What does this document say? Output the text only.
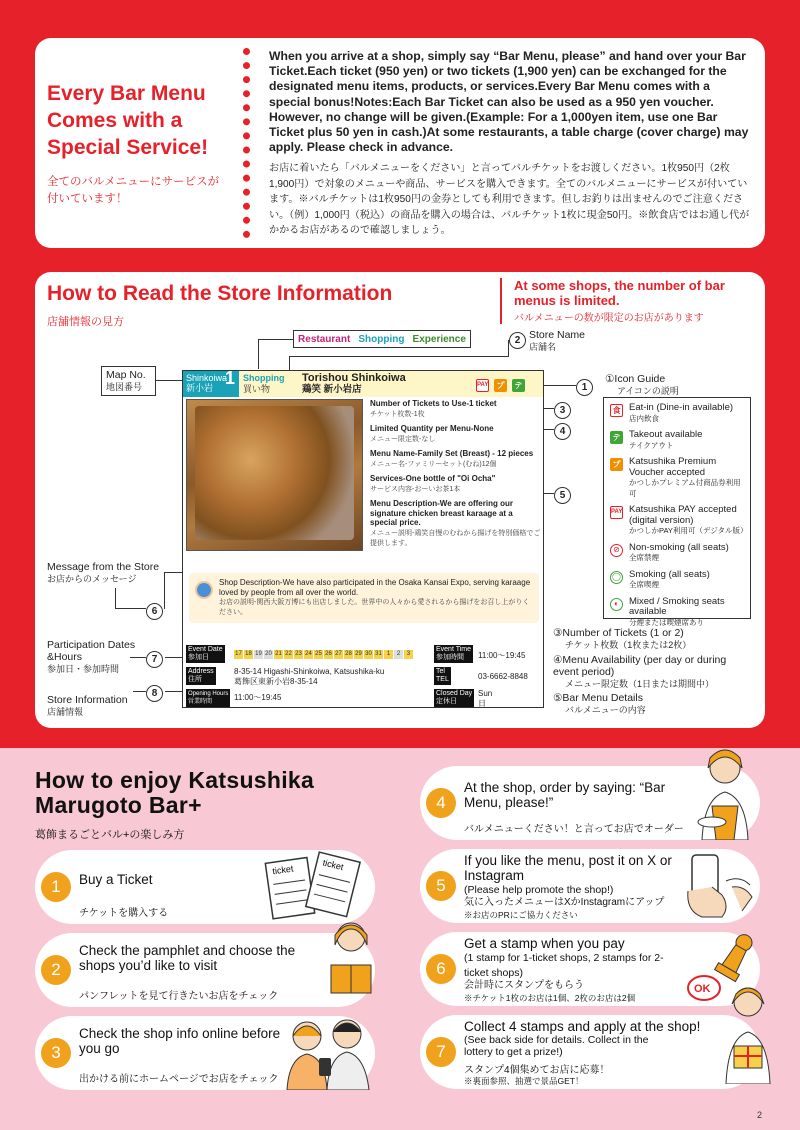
Every Bar Menu Comes with a Special Service!
全てのバルメニューにサービスが付いています！
When you arrive at a shop, simply say “Bar Menu, please” and hand over your Bar Ticket.Each ticket (950 yen) or two tickets (1,900 yen) can be exchanged for the designated menu items, products, or services.Every Bar Menu comes with a special bonus!Notes:Each Bar Ticket can also be used as a 950 yen voucher. However, no change will be given.(Example: For a 1,000yen item, use one Bar Ticket plus 50 yen in cash.)At some restaurants, a table charge (cover charge) may apply. Please check in advance.
お店に着いたら「バルメニューをください」と言ってバルチケットをお渡しください。1枚950円（2枚1,900円）で対象のメニューや商品、サービスを購入できます。全てのバルメニューにサービスが付いています。※バルチケットは1枚950円の金券としても利用できます。但しお釣りは出ませんのでご注意ください。（例）1,000円（税込）の商品を購入の場合は、バルチケット1枚に現金50円。※飲食店ではお通し代がかかるお店があるので確認しましょう。
How to Read the Store Information
店舗情報の見方
At some shops, the number of bar menus is limited.
バルメニューの数が限定のお店があります
Restaurant Shopping Experience	2 Store Name
店舗名
Map No.
地図番号
Shinkoiwa
新小岩 1 Shopping
買い物
Torishou Shinkoiwa
鶏笑 新小岩店	PAY	プ	テ

Number of Tickets to Use-1 ticket
チケット枚数-1枚

Limited Quantity per Menu-None
メニュー限定数-なし

Menu Name-Family Set (Breast) - 12 pieces
メニュー名-ファミリーセット(むね)12個

Services-One bottle of "Oi Ocha"
サービス内容-おーいお茶1本

Menu Description-We are offering our signature chicken breast karaage at a special price.
メニュー説明-鶏笑自慢のむねから揚げを特別価格でご提供します。

Shop Description-We have also participated in the Osaka Kansai Expo, serving karaage loved by people from all over the world.
お店の説明-関西大阪万博にも出店しました。世界中の人々から愛されるから揚げをお召し上がりください。
Event Date
参加日	17 18 19 20 21 22 23 24 25 26 27 28 29 30 31 1	2	3
Event Time
参加時間	11:00～19:45
Address
住所
8-35-14 Higashi-Shinkoiwa, Katsushika-ku
葛飾区東新小岩8-35-14
Tel
TEL	03-6662-8848
Opening Hours
営業時間	11:00～19:45	Closed Day
定休日
Sun
日
1
3
4
5
①Icon Guide
アイコンの説明
食 Eat-in (Dine-in available)
店内飲食
テ Takeout available
テイクアウト
プ Katsushika Premium Voucher accepted
かつしかプレミアム付商品券利用可
PAY Katsushika PAY accepted (digital version)
かつしかPAY利用可（デジタル版）
⊘ Non-smoking (all seats)
全席禁煙
◯ Smoking (all seats)
全席喫煙
◐	Mixed / Smoking seats available
分煙または喫煙席あり
Message from the Store
お店からのメッセージ
6
Participation Dates &Hours
参加日・参加時間
7
Store Information
店舗情報
8
③Number of Tickets (1 or 2)
チケット枚数（1枚または2枚）
④Menu Availability (per day or during event period)
メニュー限定数（1日または期間中）
⑤Bar Menu Details
バルメニューの内容
How to enjoy Katsushika Marugoto Bar+
葛飾まるごとバル+の楽しみ方
1	Buy a Ticket
チケットを購入する
ticket	ticket
2
Check the pamphlet and choose the shops you’d like to visit
パンフレットを見て行きたいお店をチェック
3
Check the shop info online before you go
出かける前にホームページでお店をチェック
4
At the shop, order by saying: “Bar Menu, please!”
バルメニューください！と言ってお店でオーダー
5
If you like the menu, post it on X or Instagram
(Please help promote the shop!)
気に入ったメニューはXかInstagramにアップ
※お店のPRにご協力ください
6
Get a stamp when you pay
(1 stamp for 1-ticket shops, 2 stamps for 2-ticket shops)
会計時にスタンプをもらう
※チケット1枚のお店は1個、2枚のお店は2個
OK
7
Collect 4 stamps and apply at the shop!
(See back side for details. Collect in the lottery to get a prize!)
スタンプ4個集めてお店に応募！
※裏面参照、抽選で景品GET！
2
